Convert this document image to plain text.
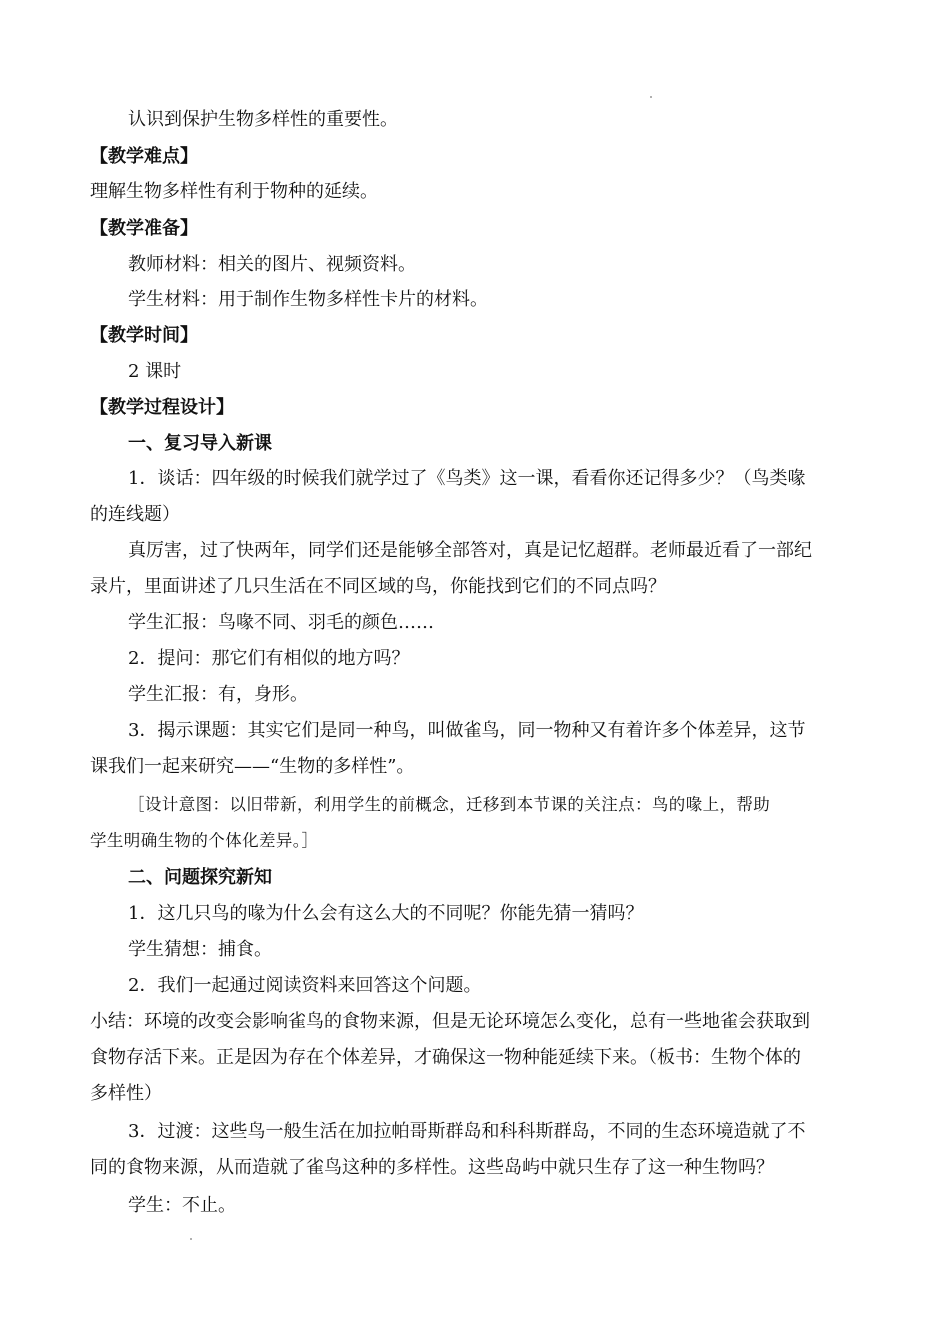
认识到保护生物多样性的重要性。
【教学难点】
理解生物多样性有利于物种的延续。
【教学准备】
教师材料：相关的图片、视频资料。
学生材料：用于制作生物多样性卡片的材料。
【教学时间】
2 课时
【教学过程设计】
一、复习导入新课
1．谈话：四年级的时候我们就学过了《鸟类》这一课，看看你还记得多少？（鸟类喙
的连线题）
真厉害，过了快两年，同学们还是能够全部答对，真是记忆超群。老师最近看了一部纪
录片，里面讲述了几只生活在不同区域的鸟，你能找到它们的不同点吗？
学生汇报：鸟喙不同、羽毛的颜色……
2．提问：那它们有相似的地方吗？
学生汇报：有，身形。
3．揭示课题：其实它们是同一种鸟，叫做雀鸟，同一物种又有着许多个体差异，这节
课我们一起来研究——“生物的多样性”。
［设计意图：以旧带新，利用学生的前概念，迁移到本节课的关注点：鸟的喙上，帮助
学生明确生物的个体化差异。］
二、问题探究新知
1．这几只鸟的喙为什么会有这么大的不同呢？你能先猜一猜吗？
学生猜想：捕食。
2．我们一起通过阅读资料来回答这个问题。
小结：环境的改变会影响雀鸟的食物来源，但是无论环境怎么变化，总有一些地雀会获取到
食物存活下来。正是因为存在个体差异，才确保这一物种能延续下来。（板书：生物个体的
多样性）
3．过渡：这些鸟一般生活在加拉帕哥斯群岛和科科斯群岛，不同的生态环境造就了不
同的食物来源，从而造就了雀鸟这种的多样性。这些岛屿中就只生存了这一种生物吗？
学生：不止。
